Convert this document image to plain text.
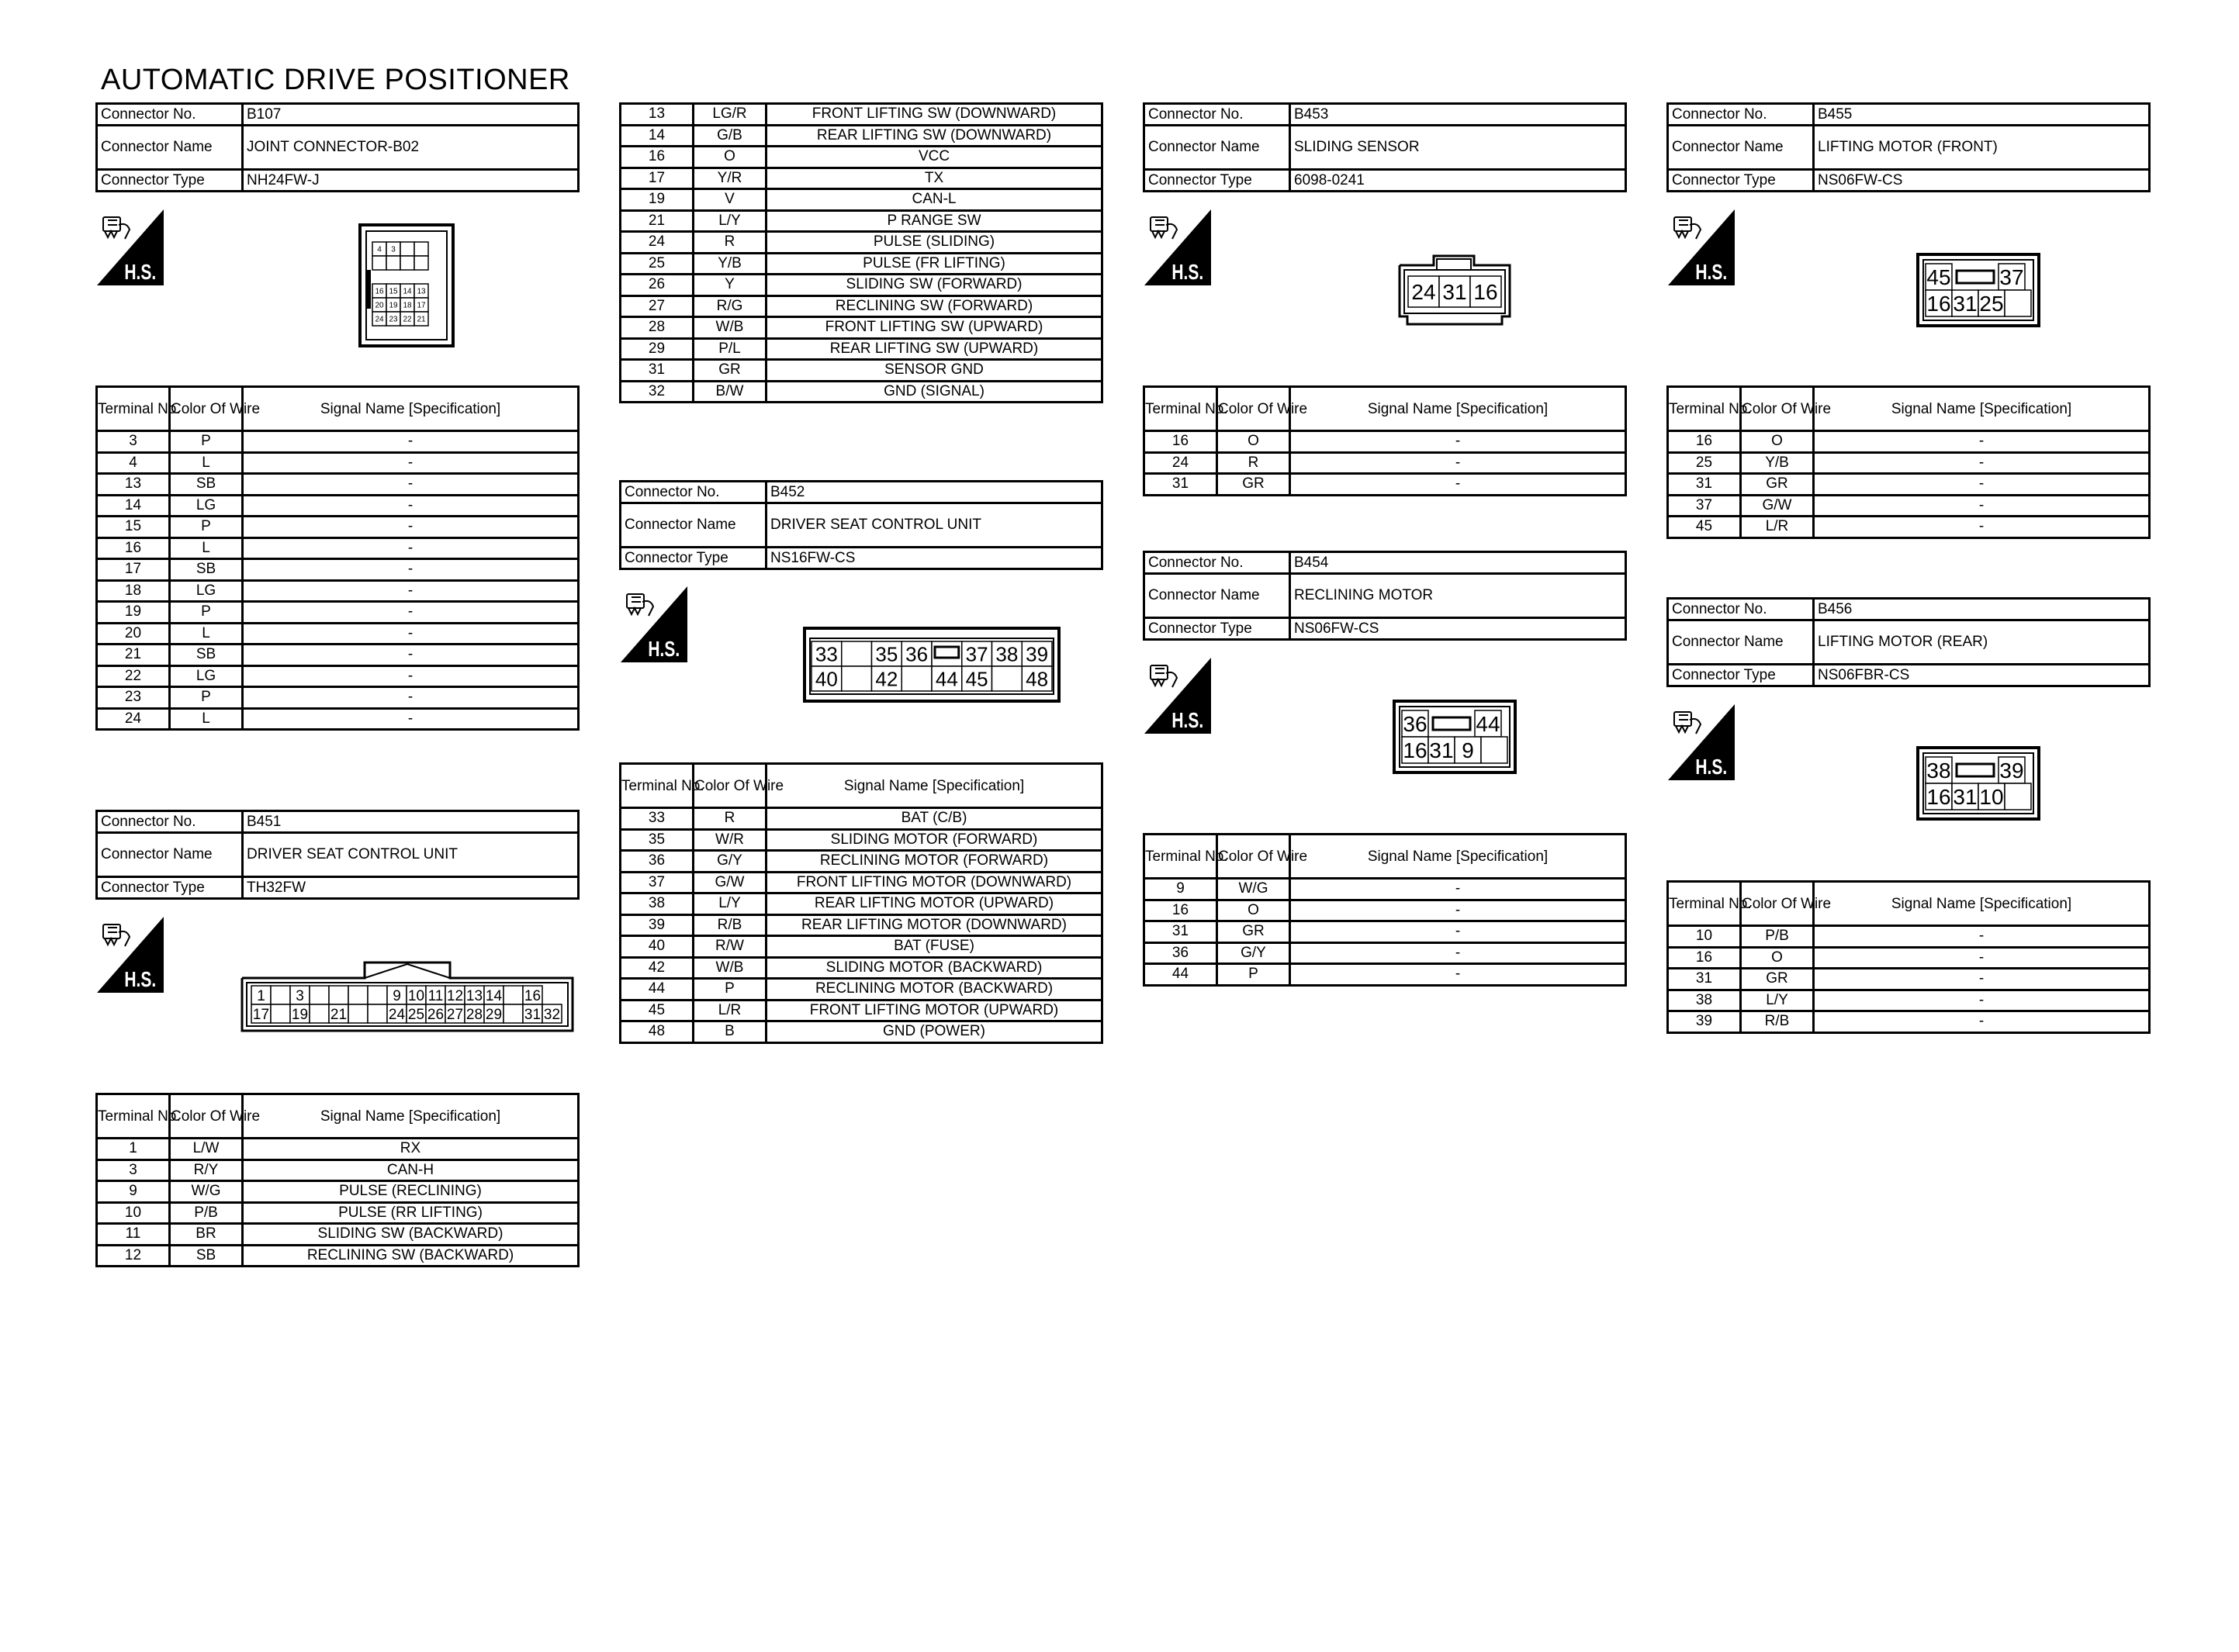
AUTOMATIC DRIVE POSITIONER
Connector No.	B107
Connector Name	JOINT CONNECTOR-B02
Connector Type	NH24FW-J
H.S.
4 3
16 15 14 13
20 19 18 17
24 23 22 21
Terminal No.	Color Of Wire	Signal Name [Specification]
3	P	-
4	L	-
13	SB	-
14	LG	-
15	P	-
16	L	-
17	SB	-
18	LG	-
19	P	-
20	L	-
21	SB	-
22	LG	-
23	P	-
24	L	-
Connector No.	B451
Connector Name	DRIVER SEAT CONTROL UNIT
Connector Type	TH32FW
H.S.
1 3	9 10 11 12 13 14 16
17 19 21	24 25 26 27 28 29 31 32
Terminal No.	Color Of Wire	Signal Name [Specification]
1	L/W	RX
3	R/Y	CAN-H
9	W/G	PULSE (RECLINING)
10	P/B	PULSE (RR LIFTING)
11	BR	SLIDING SW (BACKWARD)
12	SB	RECLINING SW (BACKWARD)
13	LG/R	FRONT LIFTING SW (DOWNWARD)
14	G/B	REAR LIFTING SW (DOWNWARD)
16	O	VCC
17	Y/R	TX
19	V	CAN-L
21	L/Y	P RANGE SW
24	R	PULSE (SLIDING)
25	Y/B	PULSE (FR LIFTING)
26	Y	SLIDING SW (FORWARD)
27	R/G	RECLINING SW (FORWARD)
28	W/B	FRONT LIFTING SW (UPWARD)
29	P/L	REAR LIFTING SW (UPWARD)
31	GR	SENSOR GND
32	B/W	GND (SIGNAL)
Connector No.	B452
Connector Name	DRIVER SEAT CONTROL UNIT
Connector Type	NS16FW-CS
H.S.	33 35 36 37 38 39
40 42 44 45 48
Terminal No.	Color Of Wire	Signal Name [Specification]
33	R	BAT (C/B)
35	W/R	SLIDING MOTOR (FORWARD)
36	G/Y	RECLINING MOTOR (FORWARD)
37	G/W	FRONT LIFTING MOTOR (DOWNWARD)
38	L/Y	REAR LIFTING MOTOR (UPWARD)
39	R/B	REAR LIFTING MOTOR (DOWNWARD)
40	R/W	BAT (FUSE)
42	W/B	SLIDING MOTOR (BACKWARD)
44	P	RECLINING MOTOR (BACKWARD)
45	L/R	FRONT LIFTING MOTOR (UPWARD)
48	B	GND (POWER)
Connector No.	B453
Connector Name	SLIDING SENSOR
Connector Type	6098-0241
H.S.
24 31 16
Terminal No.	Color Of Wire	Signal Name [Specification]
16	O	-
24	R	-
31	GR	-
Connector No.	B454
Connector Name	RECLINING MOTOR
Connector Type	NS06FW-CS
H.S.	36 44
16 31 9
Terminal No.	Color Of Wire	Signal Name [Specification]
9	W/G	-
16	O	-
31	GR	-
36	G/Y	-
44	P	-
Connector No.	B455
Connector Name	LIFTING MOTOR (FRONT)
Connector Type	NS06FW-CS
H.S.	45 37
16 31 25
Terminal No.	Color Of Wire	Signal Name [Specification]
16	O	-
25	Y/B	-
31	GR	-
37	G/W	-
45	L/R	-
Connector No.	B456
Connector Name	LIFTING MOTOR (REAR)
Connector Type	NS06FBR-CS
H.S.	38 39
16 31 10
Terminal No.	Color Of Wire	Signal Name [Specification]
10	P/B	-
16	O	-
31	GR	-
38	L/Y	-
39	R/B	-
